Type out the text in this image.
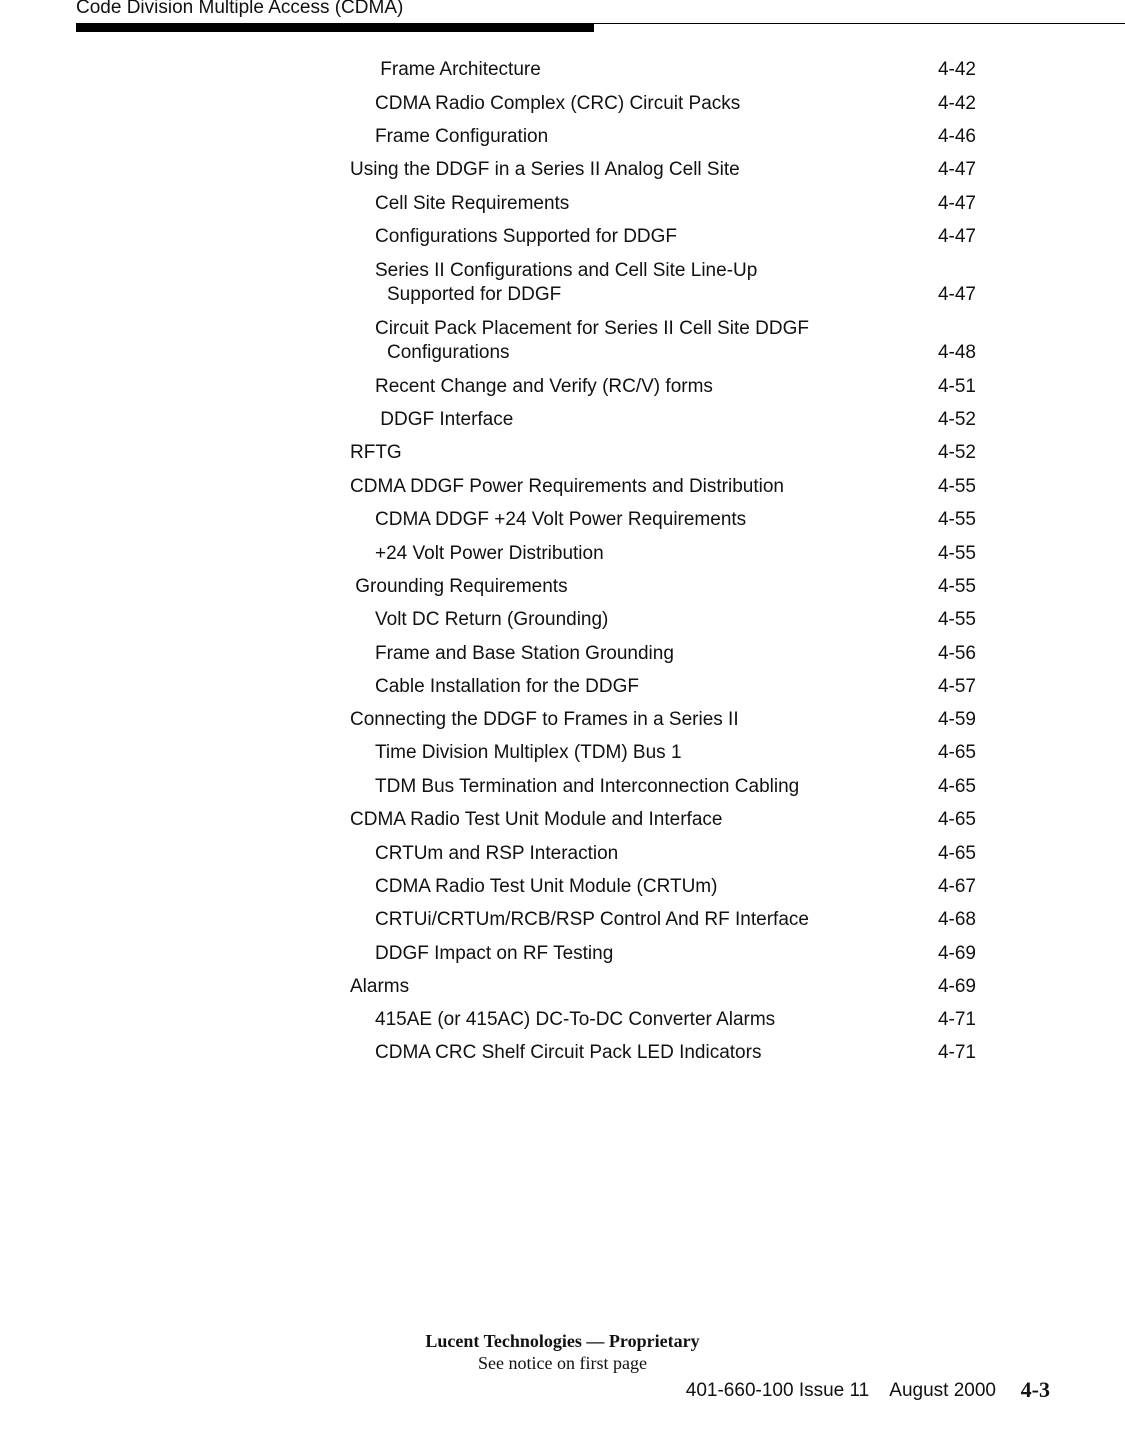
Code Division Multiple Access (CDMA)
Frame Architecture	4-42
CDMA Radio Complex (CRC) Circuit Packs	4-42
Frame Configuration	4-46
Using the DDGF in a Series II Analog Cell Site	4-47
Cell Site Requirements	4-47
Configurations Supported for DDGF	4-47
Series II Configurations and Cell Site Line-Up
Supported for DDGF	4-47
Circuit Pack Placement for Series II Cell Site DDGF
Configurations	4-48
Recent Change and Verify (RC/V) forms	4-51
DDGF Interface	4-52
RFTG	4-52
CDMA DDGF Power Requirements and Distribution	4-55
CDMA DDGF +24 Volt Power Requirements	4-55
+24 Volt Power Distribution	4-55
Grounding Requirements	4-55
Volt DC Return (Grounding)	4-55
Frame and Base Station Grounding	4-56
Cable Installation for the DDGF	4-57
Connecting the DDGF to Frames in a Series II	4-59
Time Division Multiplex (TDM) Bus 1	4-65
TDM Bus Termination and Interconnection Cabling	4-65
CDMA Radio Test Unit Module and Interface	4-65
CRTUm and RSP Interaction	4-65
CDMA Radio Test Unit Module (CRTUm)	4-67
CRTUi/CRTUm/RCB/RSP Control And RF Interface	4-68
DDGF Impact on RF Testing	4-69
Alarms	4-69
415AE (or 415AC) DC-To-DC Converter Alarms	4-71
CDMA CRC Shelf Circuit Pack LED Indicators	4-71
Lucent Technologies — Proprietary
See notice on first page
401-660-100 Issue 11    August 2000 4-3
